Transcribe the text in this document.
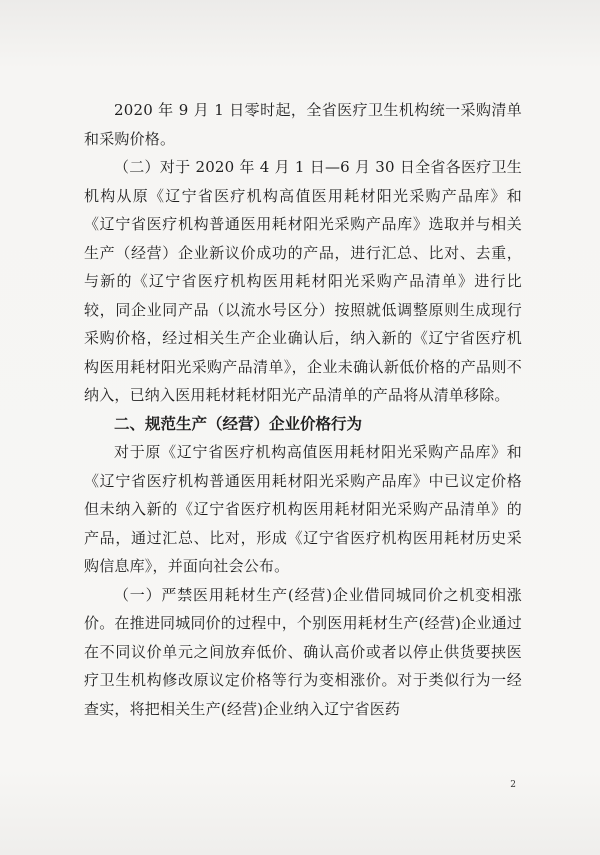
2020 年 9 月 1 日零时起，全省医疗卫生机构统一采购清单和采购价格。

（二）对于 2020 年 4 月 1 日—6 月 30 日全省各医疗卫生机构从原《辽宁省医疗机构高值医用耗材阳光采购产品库》和《辽宁省医疗机构普通医用耗材阳光采购产品库》选取并与相关生产（经营）企业新议价成功的产品，进行汇总、比对、去重，与新的《辽宁省医疗机构医用耗材阳光采购产品清单》进行比较，同企业同产品（以流水号区分）按照就低调整原则生成现行采购价格，经过相关生产企业确认后，纳入新的《辽宁省医疗机构医用耗材阳光采购产品清单》，企业未确认新低价格的产品则不纳入，已纳入医用耗材耗材阳光产品清单的产品将从清单移除。

二、规范生产（经营）企业价格行为

对于原《辽宁省医疗机构高值医用耗材阳光采购产品库》和《辽宁省医疗机构普通医用耗材阳光采购产品库》中已议定价格但未纳入新的《辽宁省医疗机构医用耗材阳光采购产品清单》的产品，通过汇总、比对，形成《辽宁省医疗机构医用耗材历史采购信息库》，并面向社会公布。

（一）严禁医用耗材生产(经营)企业借同城同价之机变相涨价。在推进同城同价的过程中，个别医用耗材生产(经营)企业通过在不同议价单元之间放弃低价、确认高价或者以停止供货要挟医疗卫生机构修改原议定价格等行为变相涨价。对于类似行为一经查实，将把相关生产(经营)企业纳入辽宁省医药

2
